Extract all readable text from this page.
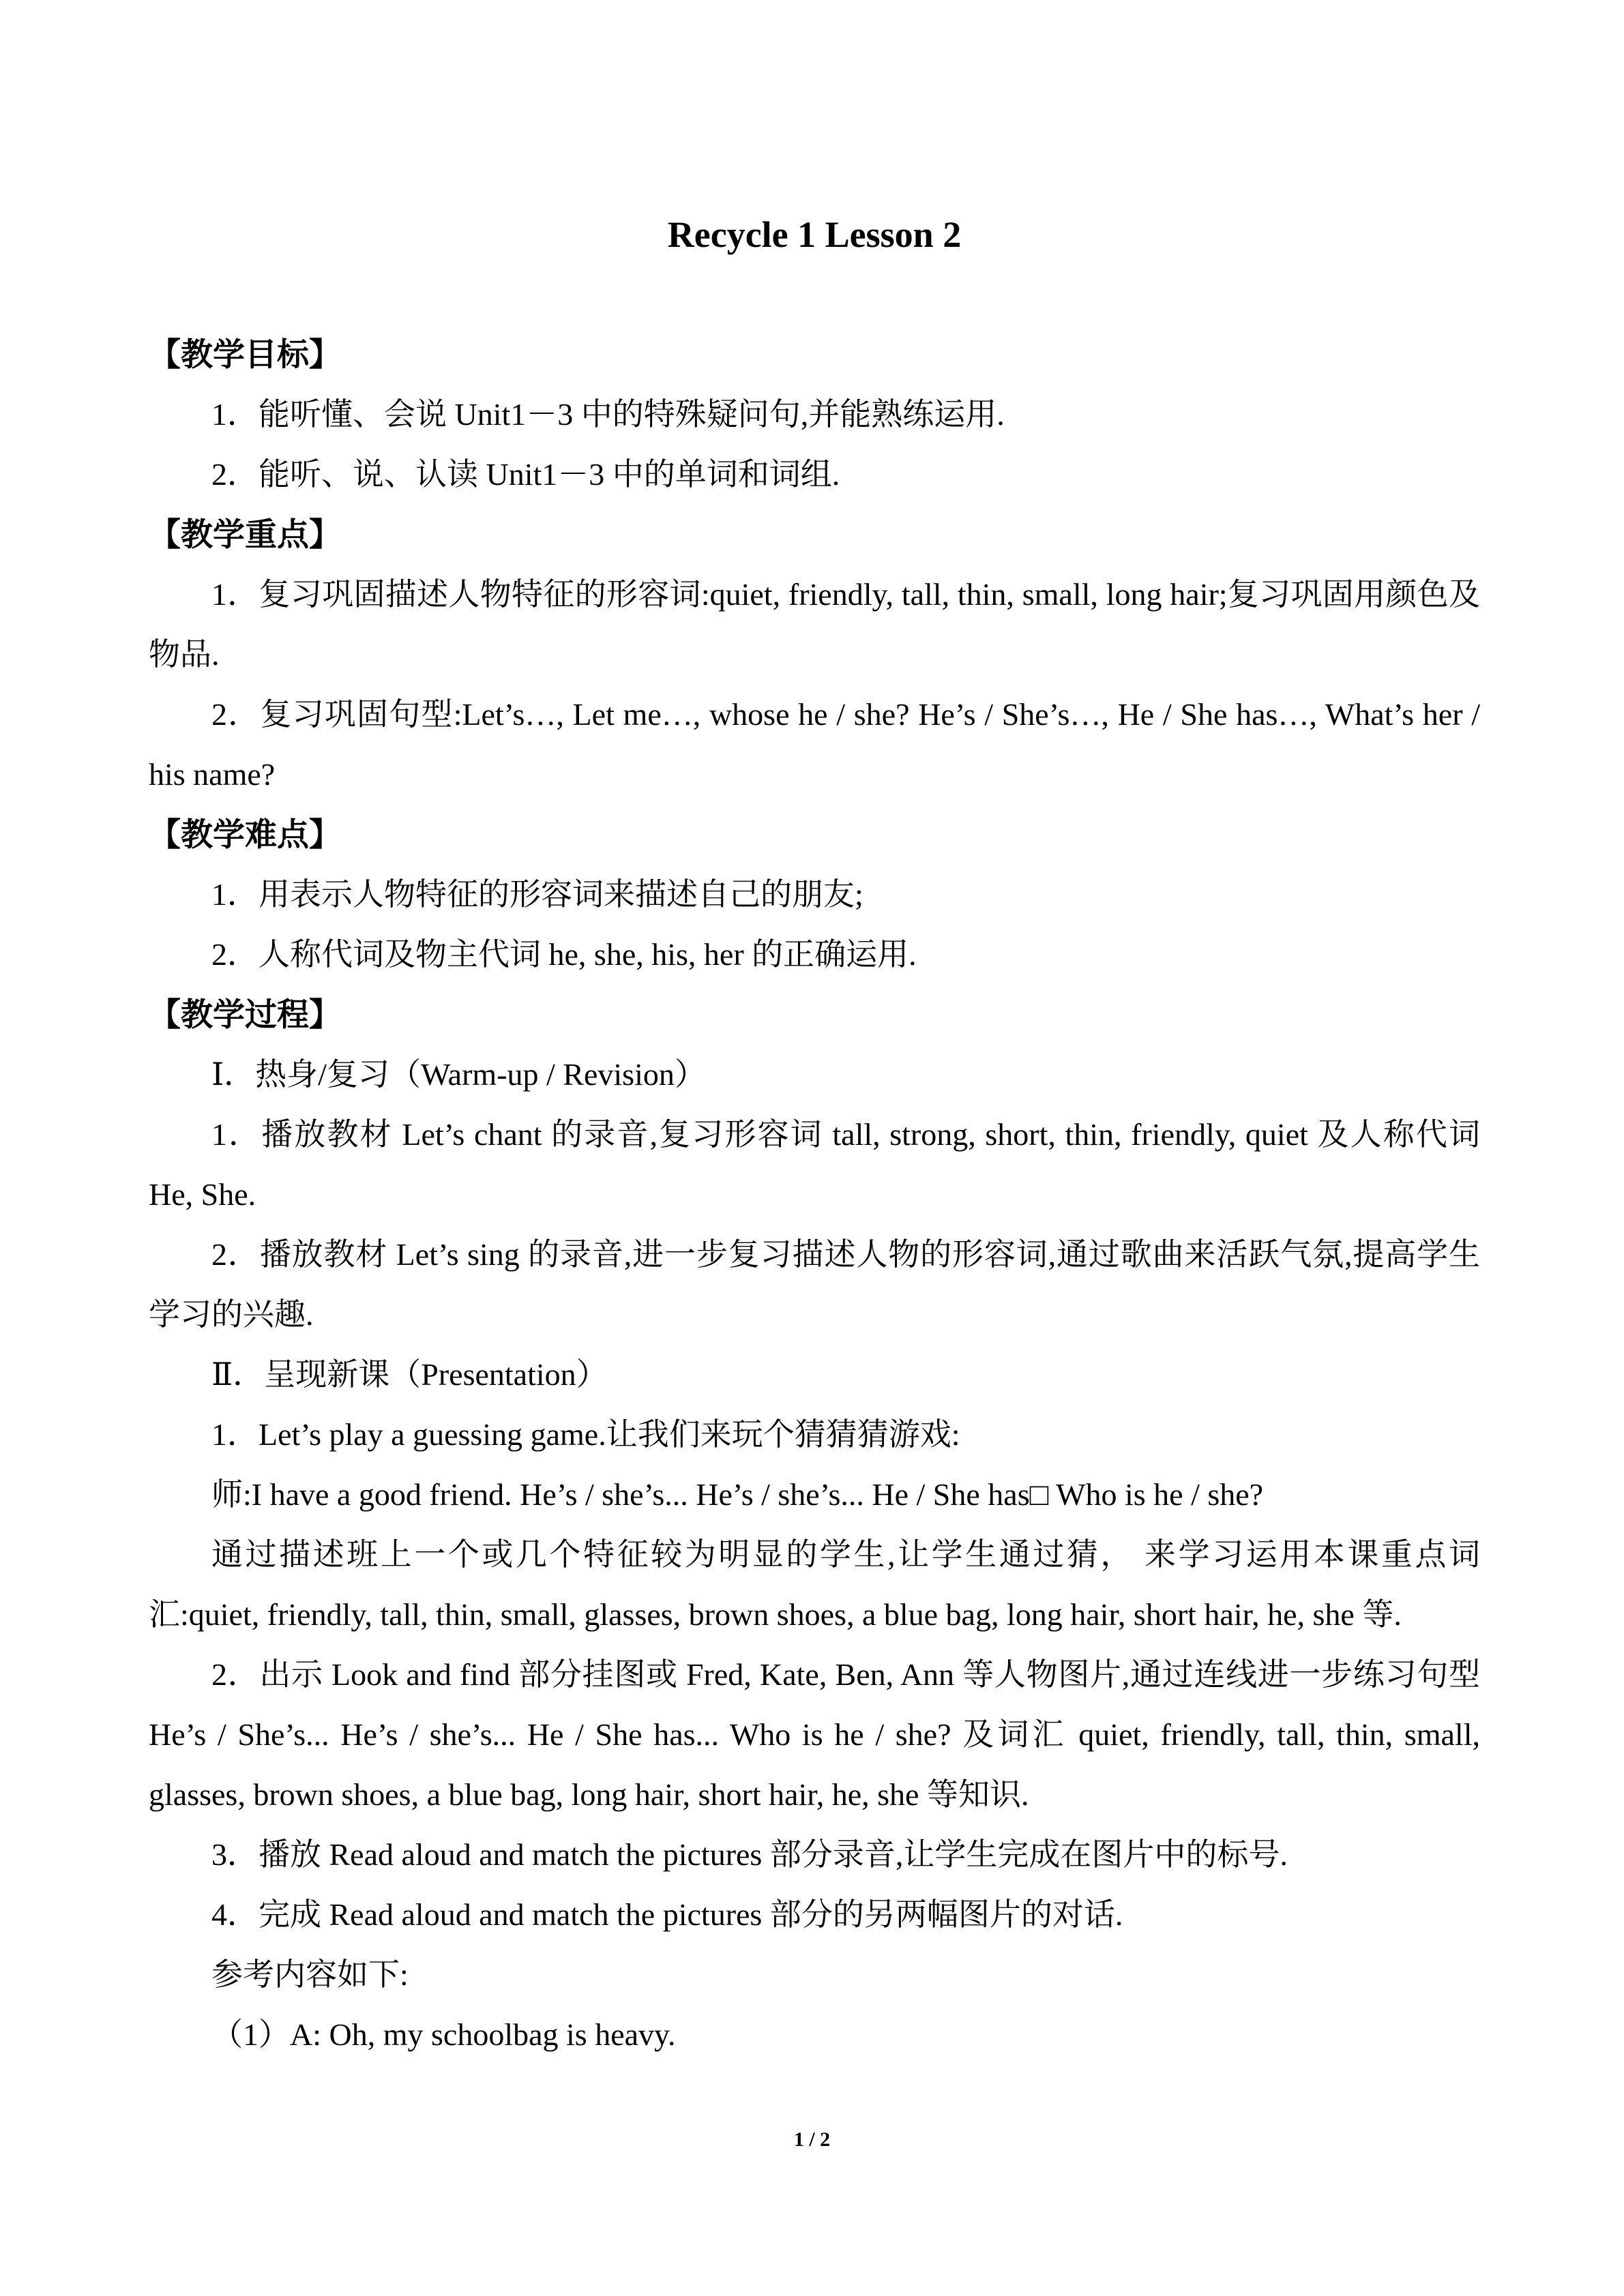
Recycle 1 Lesson 2
【教学目标】
1．能听懂、会说 Unit1－3 中的特殊疑问句,并能熟练运用.
2．能听、说、认读 Unit1－3 中的单词和词组.
【教学重点】
1．复习巩固描述人物特征的形容词:quiet, friendly, tall, thin, small, long hair;复习巩固用颜色及物品.
2．复习巩固句型:Let’s…, Let me…, whose he / she? He’s / She’s…, He / She has…, What’s her / his name?
【教学难点】
1．用表示人物特征的形容词来描述自己的朋友;
2．人称代词及物主代词 he, she, his, her 的正确运用.
【教学过程】
Ⅰ．热身/复习（Warm-up / Revision）
1．播放教材 Let’s chant 的录音,复习形容词 tall, strong, short, thin, friendly, quiet 及人称代词 He, She.
2．播放教材 Let’s sing 的录音,进一步复习描述人物的形容词,通过歌曲来活跃气氛,提高学生学习的兴趣.
Ⅱ．呈现新课（Presentation）
1．Let’s play a guessing game.让我们来玩个猜猜猜游戏:
师:I have a good friend. He’s / she’s... He’s / she’s... He / She has□ Who is he / she?
通过描述班上一个或几个特征较为明显的学生,让学生通过猜， 来学习运用本课重点词汇:quiet, friendly, tall, thin, small, glasses, brown shoes, a blue bag, long hair, short hair, he, she 等.
2．出示 Look and find 部分挂图或 Fred, Kate, Ben, Ann 等人物图片,通过连线进一步练习句型 He’s / She’s... He’s / she’s... He / She has... Who is he / she? 及词汇 quiet, friendly, tall, thin, small, glasses, brown shoes, a blue bag, long hair, short hair, he, she 等知识.
3．播放 Read aloud and match the pictures 部分录音,让学生完成在图片中的标号.
4．完成 Read aloud and match the pictures 部分的另两幅图片的对话.
参考内容如下:
（1）A: Oh, my schoolbag is heavy.
1 / 2
